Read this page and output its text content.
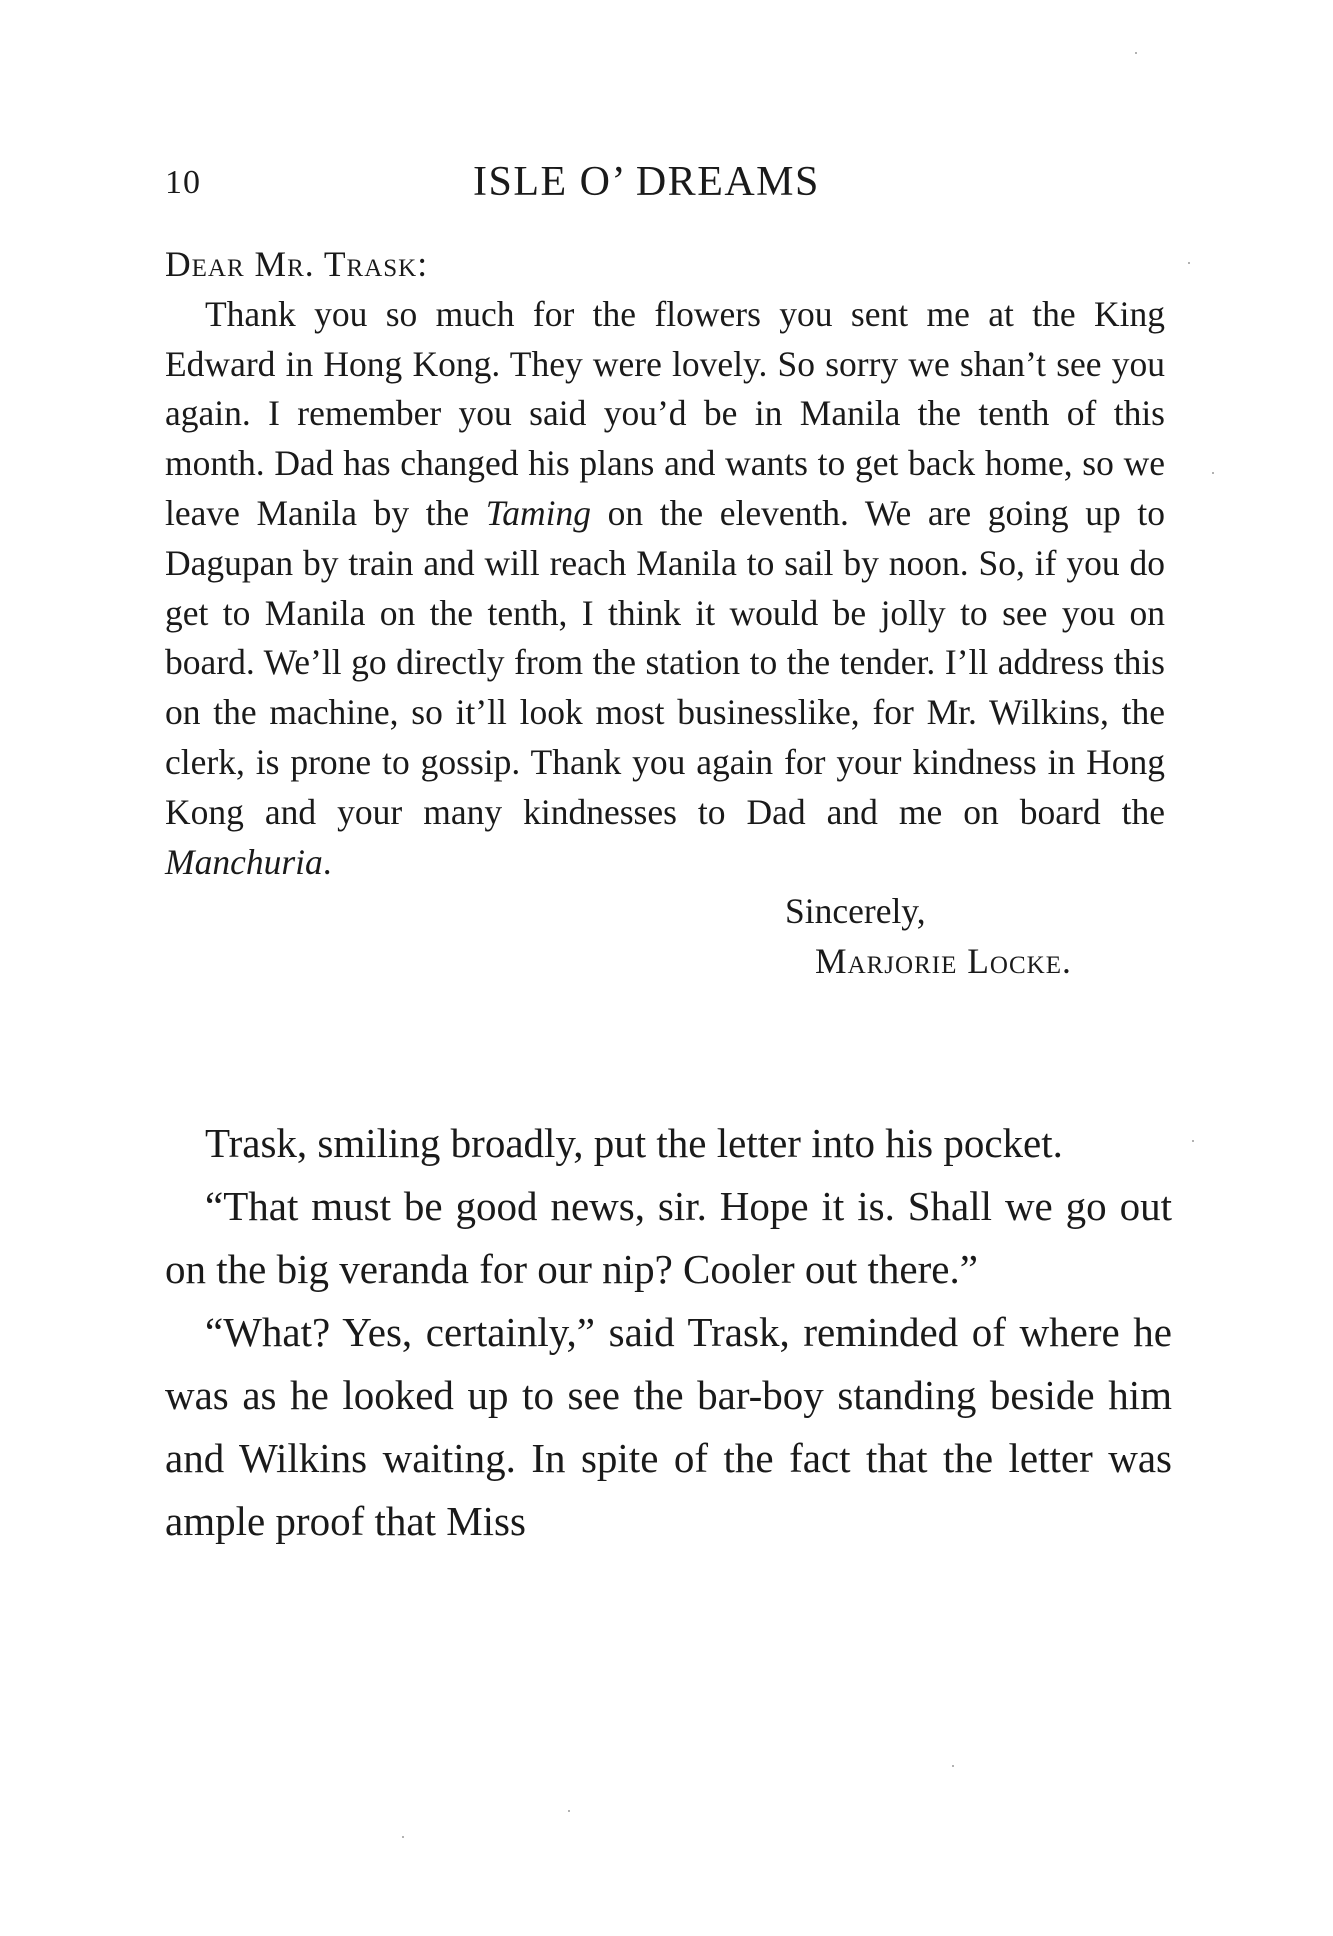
10	ISLE O’ DREAMS

Dear Mr. Trask:

Thank you so much for the flowers you sent me at the King Edward in Hong Kong. They were lovely. So sorry we shan’t see you again. I remember you said you’d be in Manila the tenth of this month. Dad has changed his plans and wants to get back home, so we leave Manila by the Taming on the eleventh. We are going up to Dagupan by train and will reach Manila to sail by noon. So, if you do get to Manila on the tenth, I think it would be jolly to see you on board. We’ll go directly from the station to the tender. I’ll address this on the machine, so it’ll look most businesslike, for Mr. Wilkins, the clerk, is prone to gossip. Thank you again for your kindness in Hong Kong and your many kindnesses to Dad and me on board the Manchuria.

Sincerely,

Marjorie Locke.

Trask, smiling broadly, put the letter into his pocket.

“That must be good news, sir. Hope it is. Shall we go out on the big veranda for our nip? Cooler out there.”

“What? Yes, certainly,” said Trask, reminded of where he was as he looked up to see the bar-boy standing beside him and Wilkins waiting. In spite of the fact that the letter was ample proof that Miss
